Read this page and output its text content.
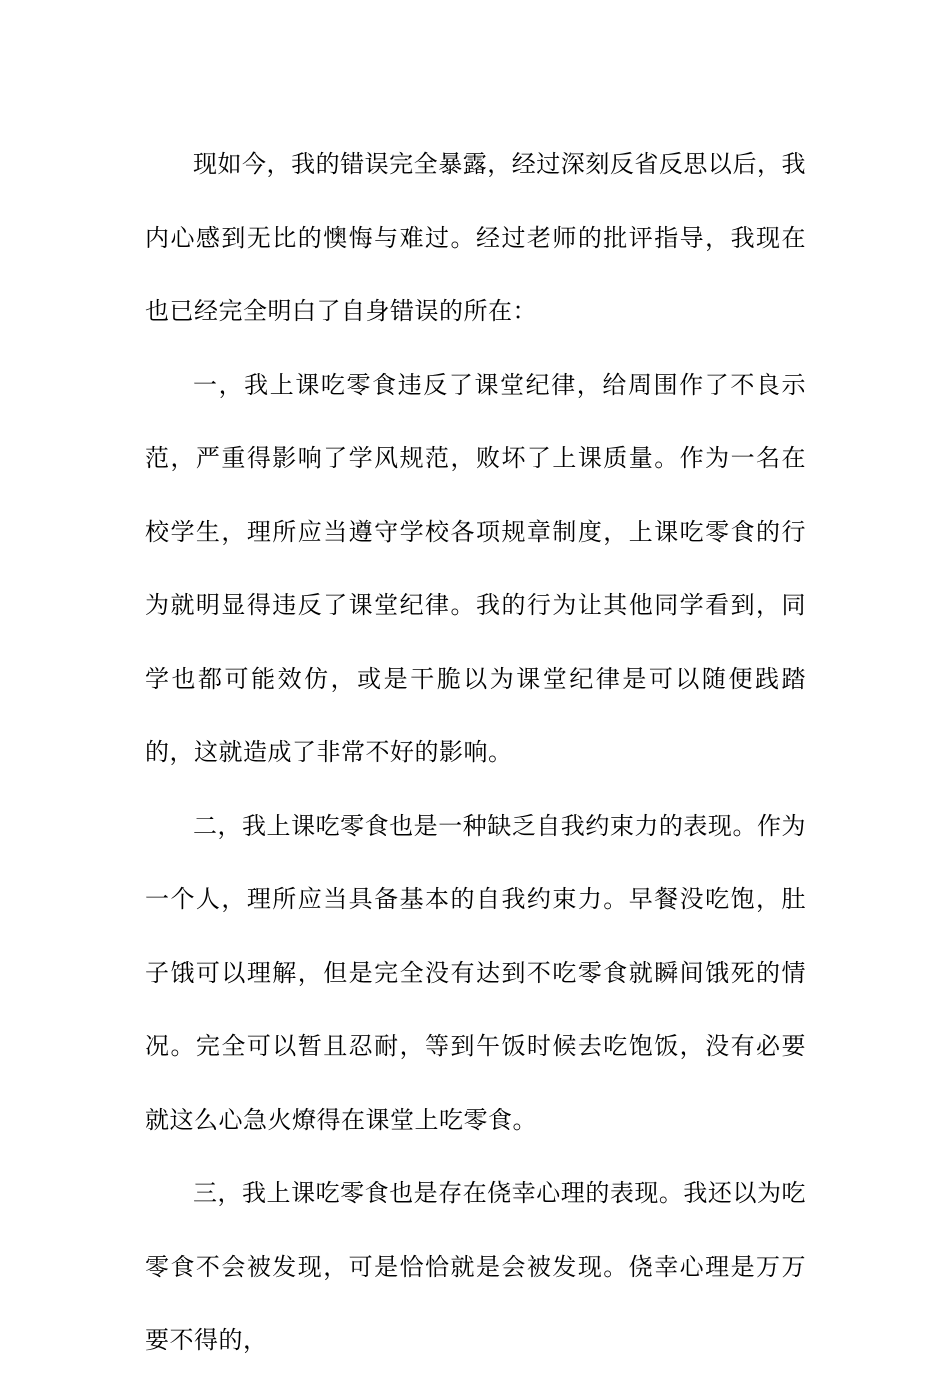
现如今，我的错误完全暴露，经过深刻反省反思以后，我内心感到无比的懊悔与难过。经过老师的批评指导，我现在也已经完全明白了自身错误的所在：

一，我上课吃零食违反了课堂纪律，给周围作了不良示范，严重得影响了学风规范，败坏了上课质量。作为一名在校学生，理所应当遵守学校各项规章制度，上课吃零食的行为就明显得违反了课堂纪律。我的行为让其他同学看到，同学也都可能效仿，或是干脆以为课堂纪律是可以随便践踏的，这就造成了非常不好的影响。

二，我上课吃零食也是一种缺乏自我约束力的表现。作为一个人，理所应当具备基本的自我约束力。早餐没吃饱，肚子饿可以理解，但是完全没有达到不吃零食就瞬间饿死的情况。完全可以暂且忍耐，等到午饭时候去吃饱饭，没有必要就这么心急火燎得在课堂上吃零食。

三，我上课吃零食也是存在侥幸心理的表现。我还以为吃零食不会被发现，可是恰恰就是会被发现。侥幸心理是万万要不得的，
